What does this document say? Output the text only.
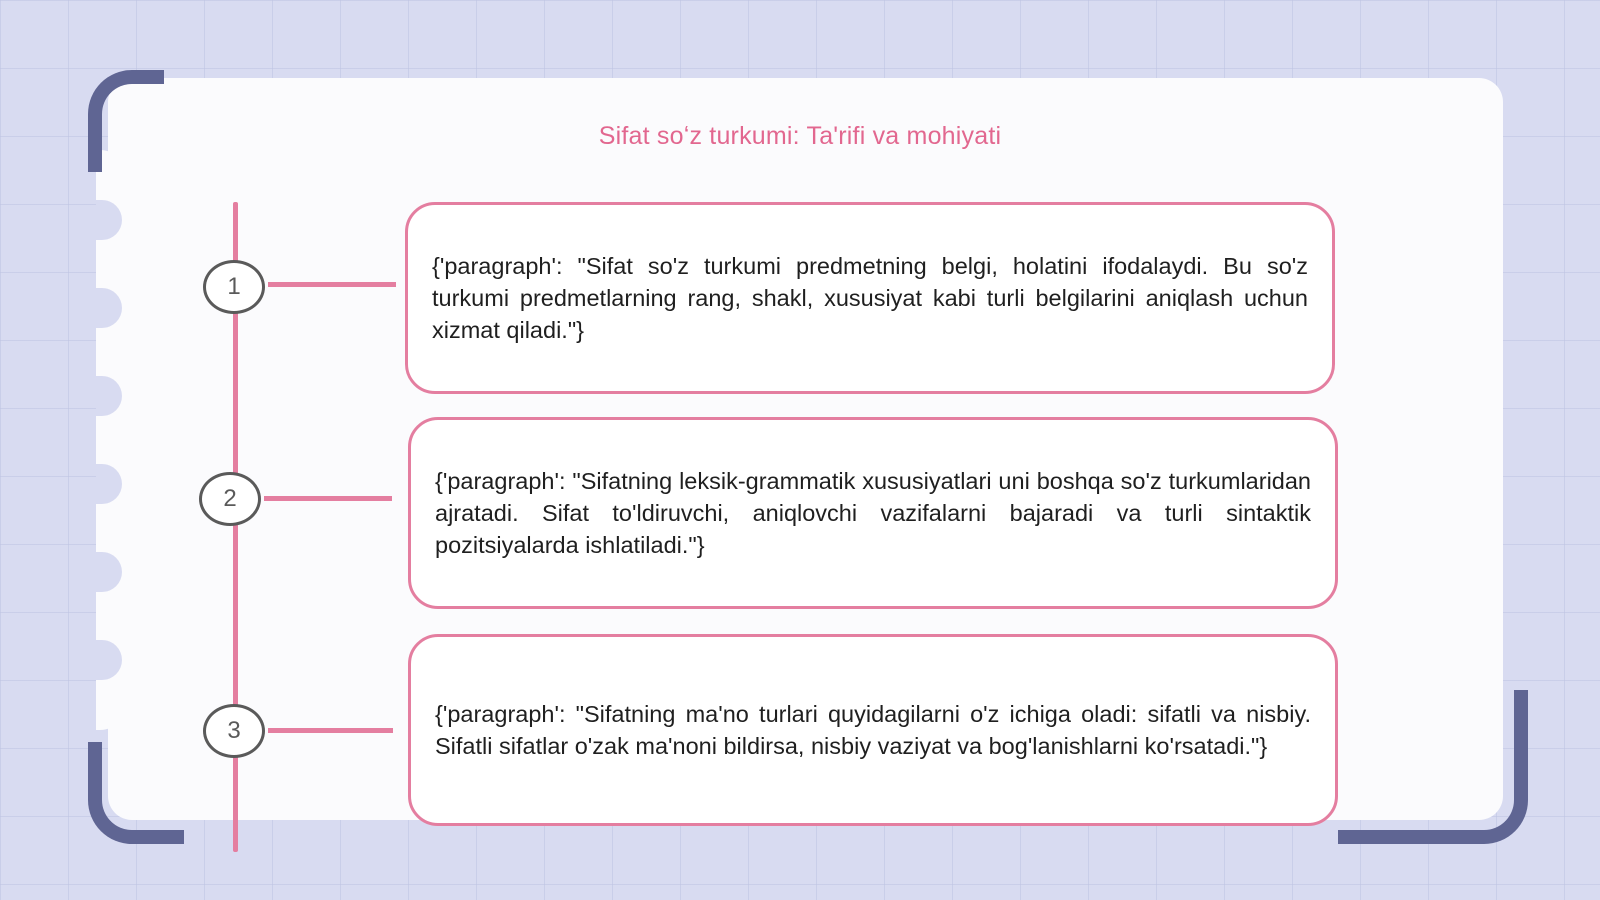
Sifat soʻz turkumi: Ta'rifi va mohiyati
1
2
3
{'paragraph': "Sifat so'z turkumi predmetning belgi, holatini ifodalaydi. Bu so'z turkumi predmetlarning rang, shakl, xususiyat kabi turli belgilarini aniqlash uchun xizmat qiladi."}
{'paragraph': "Sifatning leksik-grammatik xususiyatlari uni boshqa so'z turkumlaridan ajratadi. Sifat to'ldiruvchi, aniqlovchi vazifalarni bajaradi va turli sintaktik pozitsiyalarda ishlatiladi."}
{'paragraph': "Sifatning ma'no turlari quyidagilarni o'z ichiga oladi: sifatli va nisbiy. Sifatli sifatlar o'zak ma'noni bildirsa, nisbiy vaziyat va bog'lanishlarni ko'rsatadi."}
